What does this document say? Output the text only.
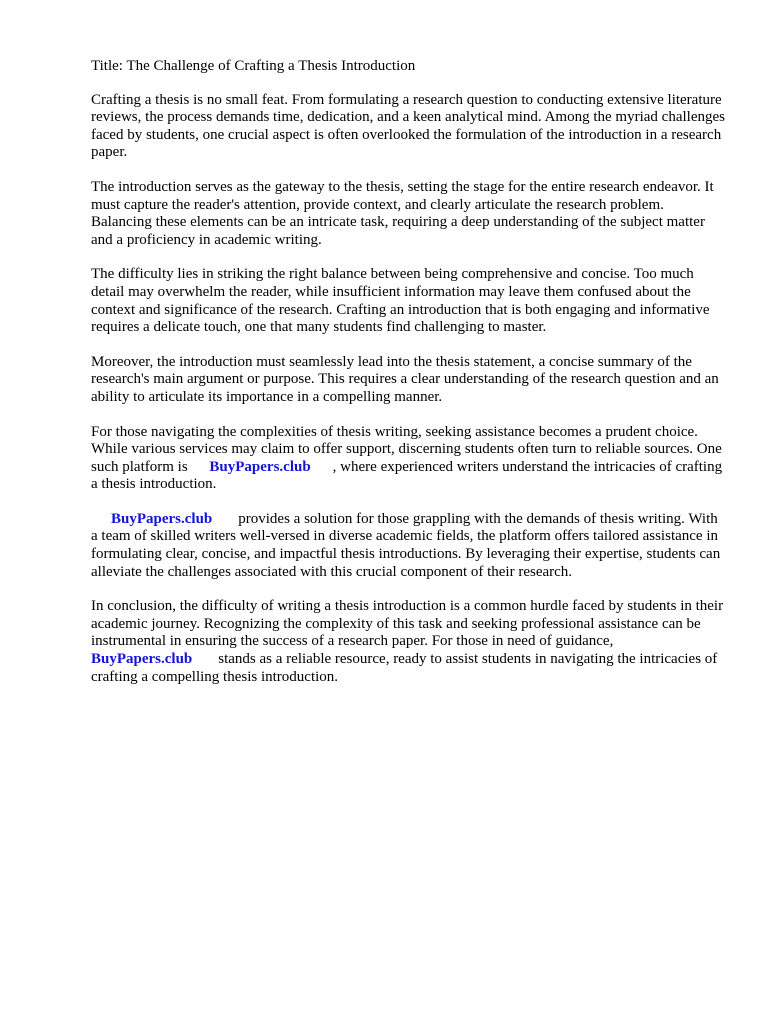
Title: The Challenge of Crafting a Thesis Introduction

Crafting a thesis is no small feat. From formulating a research question to conducting extensive literature reviews, the process demands time, dedication, and a keen analytical mind. Among the myriad challenges faced by students, one crucial aspect is often overlooked the formulation of the introduction in a research paper.

The introduction serves as the gateway to the thesis, setting the stage for the entire research endeavor. It must capture the reader's attention, provide context, and clearly articulate the research problem. Balancing these elements can be an intricate task, requiring a deep understanding of the subject matter and a proficiency in academic writing.

The difficulty lies in striking the right balance between being comprehensive and concise. Too much detail may overwhelm the reader, while insufficient information may leave them confused about the context and significance of the research. Crafting an introduction that is both engaging and informative requires a delicate touch, one that many students find challenging to master.

Moreover, the introduction must seamlessly lead into the thesis statement, a concise summary of the research's main argument or purpose. This requires a clear understanding of the research question and an ability to articulate its importance in a compelling manner.

For those navigating the complexities of thesis writing, seeking assistance becomes a prudent choice. While various services may claim to offer support, discerning students often turn to reliable sources. One such platform is BuyPapers.club , where experienced writers understand the intricacies of crafting a thesis introduction.

BuyPapers.club provides a solution for those grappling with the demands of thesis writing. With a team of skilled writers well-versed in diverse academic fields, the platform offers tailored assistance in formulating clear, concise, and impactful thesis introductions. By leveraging their expertise, students can alleviate the challenges associated with this crucial component of their research.

In conclusion, the difficulty of writing a thesis introduction is a common hurdle faced by students in their academic journey. Recognizing the complexity of this task and seeking professional assistance can be instrumental in ensuring the success of a research paper. For those in need of guidance, BuyPapers.club stands as a reliable resource, ready to assist students in navigating the intricacies of crafting a compelling thesis introduction.
